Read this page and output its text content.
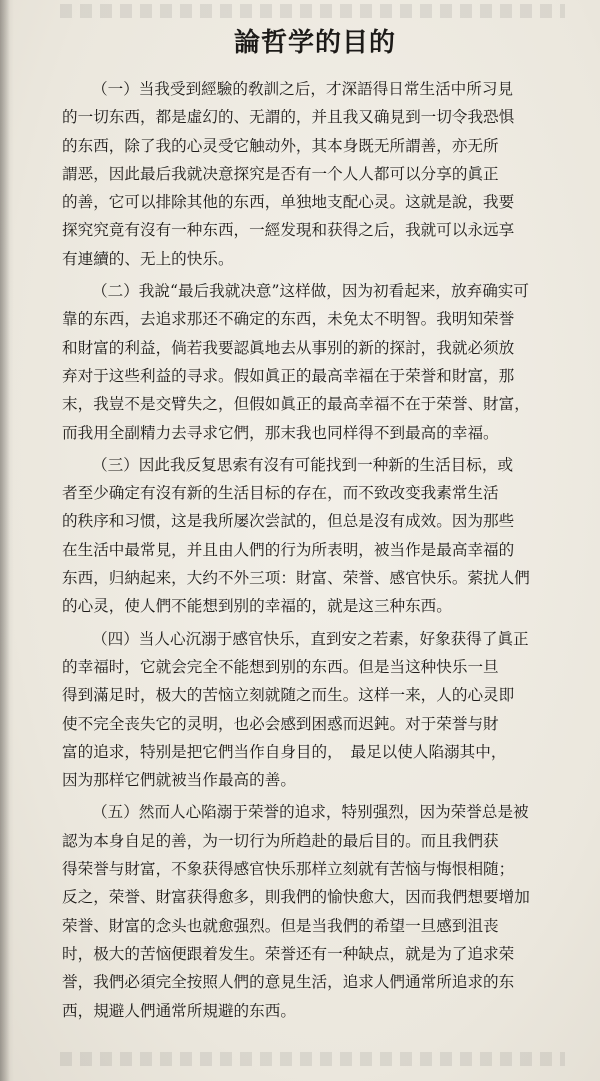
論哲学的目的

（一）当我受到經驗的敎訓之后，才深語得日常生活中所习見
的一切东西，都是虛幻的、无謂的，并且我又确見到一切令我恐惧
的东西，除了我的心灵受它触动外，其本身既无所謂善，亦无所
謂恶，因此最后我就决意探究是否有一个人人都可以分享的眞正
的善，它可以排除其他的东西，单独地支配心灵。这就是說，我要
探究究竟有沒有一种东西，一經发現和获得之后，我就可以永远享
有連續的、无上的快乐。

（二）我說“最后我就决意”这样做，因为初看起来，放弃确实可
靠的东西，去追求那还不确定的东西，未免太不明智。我明知荣誉
和財富的利益，倘若我要認眞地去从事别的新的探討，我就必须放
弃对于这些利益的寻求。假如眞正的最高幸福在于荣誉和財富，那
末，我豈不是交臂失之，但假如眞正的最高幸福不在于荣誉、財富，
而我用全副精力去寻求它們，那末我也同样得不到最高的幸福。

（三）因此我反复思索有沒有可能找到一种新的生活目标，或
者至少确定有沒有新的生活目标的存在，而不致改变我素常生活
的秩序和习惯，这是我所屡次尝試的，但总是沒有成效。因为那些
在生活中最常見，并且由人們的行为所表明，被当作是最高幸福的
东西，归納起来，大约不外三项：財富、荣誉、感官快乐。萦扰人們
的心灵，使人們不能想到别的幸福的，就是这三种东西。

（四）当人心沉溺于感官快乐，直到安之若素，好象获得了眞正
的幸福时，它就会完全不能想到别的东西。但是当这种快乐一旦
得到滿足时，极大的苦恼立刻就随之而生。这样一来，人的心灵即
使不完全丧失它的灵明，也必会感到困惑而迟鈍。对于荣誉与財
富的追求，特别是把它們当作自身目的，　最足以使人陷溺其中，
因为那样它們就被当作最高的善。

（五）然而人心陷溺于荣誉的追求，特别强烈，因为荣誉总是被
認为本身自足的善，为一切行为所趋赴的最后目的。而且我們获
得荣誉与財富，不象获得感官快乐那样立刻就有苦恼与悔恨相随；
反之，荣誉、財富获得愈多，則我們的愉快愈大，因而我們想要增加
荣誉、財富的念头也就愈强烈。但是当我們的希望一旦感到沮丧
时，极大的苦恼便跟着发生。荣誉还有一种缺点，就是为了追求荣
誉，我們必須完全按照人們的意見生活，追求人們通常所追求的东
西，規避人們通常所規避的东西。
